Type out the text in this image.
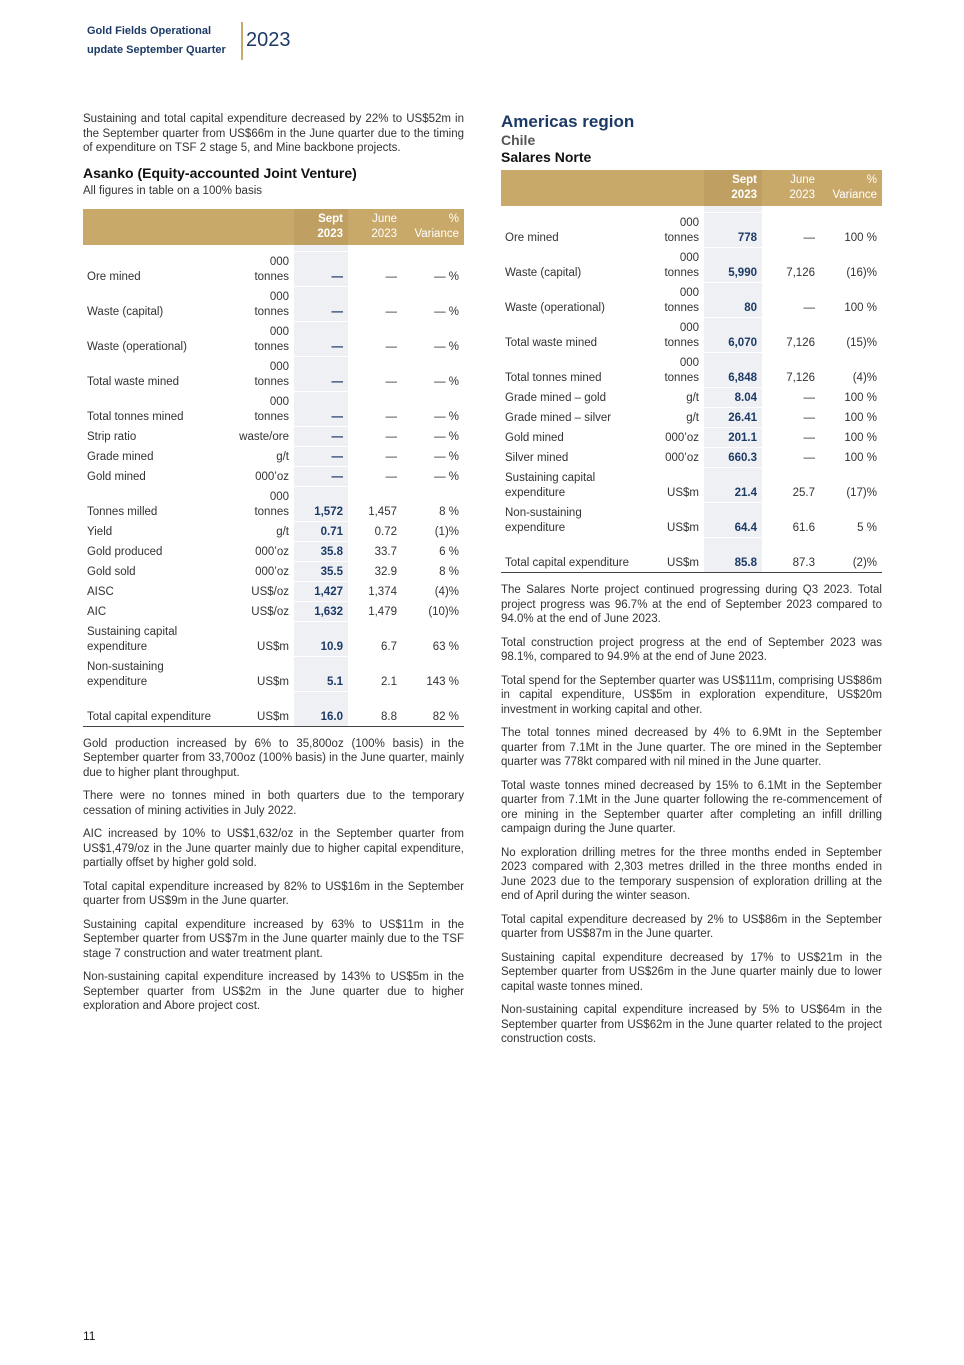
Gold Fields Operational update September Quarter	2023

Sustaining and total capital expenditure decreased by 22% to US$52m in the September quarter from US$66m in the June quarter due to the timing of expenditure on TSF 2 stage 5, and Mine backbone projects.

Asanko (Equity-accounted Joint Venture)
All figures in table on a 100% basis
		Sept 2023	June 2023	% Variance

Ore mined	000 tonnes	—	—	— %
Waste (capital)	000 tonnes	—	—	— %
Waste (operational)	000 tonnes	—	—	— %
Total waste mined	000 tonnes	—	—	— %
Total tonnes mined	000 tonnes	—	—	— %
Strip ratio	waste/ore	—	—	— %
Grade mined	g/t	—	—	— %
Gold mined	000’oz	—	—	— %
Tonnes milled	000 tonnes	1,572	1,457	8 %
Yield	g/t	0.71	0.72	(1)%
Gold produced	000’oz	35.8	33.7	6 %
Gold sold	000’oz	35.5	32.9	8 %
AISC	US$/oz	1,427	1,374	(4)%
AIC	US$/oz	1,632	1,479	(10)%
Sustaining capital expenditure	US$m	10.9	6.7	63 %
Non-sustaining expenditure	US$m	5.1	2.1	143 %
Total capital expenditure	US$m	16.0	8.8	82 %

Gold production increased by 6% to 35,800oz (100% basis) in the September quarter from 33,700oz (100% basis) in the June quarter, mainly due to higher plant throughput.

There were no tonnes mined in both quarters due to the temporary cessation of mining activities in July 2022.

AIC increased by 10% to US$1,632/oz in the September quarter from US$1,479/oz in the June quarter mainly due to higher capital expenditure, partially offset by higher gold sold.

Total capital expenditure increased by 82% to US$16m in the September quarter from US$9m in the June quarter.

Sustaining capital expenditure increased by 63% to US$11m in the September quarter from US$7m in the June quarter mainly due to the TSF stage 7 construction and water treatment plant.

Non-sustaining capital expenditure increased by 143% to US$5m in the September quarter from US$2m in the June quarter due to higher exploration and Abore project cost.

Americas region
Chile
Salares Norte
		Sept 2023	June 2023	% Variance

Ore mined	000 tonnes	778	—	100 %
Waste (capital)	000 tonnes	5,990	7,126	(16)%
Waste (operational)	000 tonnes	80	—	100 %
Total waste mined	000 tonnes	6,070	7,126	(15)%
Total tonnes mined	000 tonnes	6,848	7,126	(4)%
Grade mined – gold	g/t	8.04	—	100 %
Grade mined – silver	g/t	26.41	—	100 %
Gold mined	000’oz	201.1	—	100 %
Silver mined	000’oz	660.3	—	100 %
Sustaining capital expenditure	US$m	21.4	25.7	(17)%
Non-sustaining expenditure	US$m	64.4	61.6	5 %
Total capital expenditure	US$m	85.8	87.3	(2)%

The Salares Norte project continued progressing during Q3 2023. Total project progress was 96.7% at the end of September 2023 compared to 94.0% at the end of June 2023.

Total construction project progress at the end of September 2023 was 98.1%, compared to 94.9% at the end of June 2023.

Total spend for the September quarter was US$111m, comprising US$86m in capital expenditure, US$5m in exploration expenditure, US$20m investment in working capital and other.

The total tonnes mined decreased by 4% to 6.9Mt in the September quarter from 7.1Mt in the June quarter. The ore mined in the September quarter was 778kt compared with nil mined in the June quarter.

Total waste tonnes mined decreased by 15% to 6.1Mt in the September quarter from 7.1Mt in the June quarter following the re-commencement of ore mining in the September quarter after completing an infill drilling campaign during the June quarter.

No exploration drilling metres for the three months ended in September 2023 compared with 2,303 metres drilled in the three months ended in June 2023 due to the temporary suspension of exploration drilling at the end of April during the winter season.

Total capital expenditure decreased by 2% to US$86m in the September quarter from US$87m in the June quarter.

Sustaining capital expenditure decreased by 17% to US$21m in the September quarter from US$26m in the June quarter mainly due to lower capital waste tonnes mined.

Non-sustaining capital expenditure increased by 5% to US$64m in the September quarter from US$62m in the June quarter related to the project construction costs.

11
